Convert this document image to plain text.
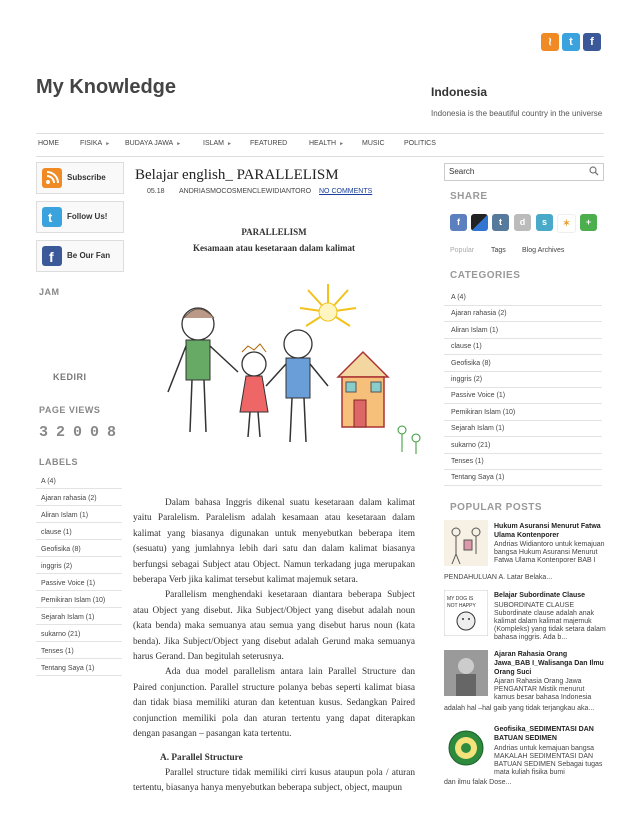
≀	t	f
My Knowledge	Indonesia
Indonesia is the beautiful country in the universe
HOME	FISIKA ► BUDAYA JAWA ►	ISLAM ►	FEATURED	HEALTH ►	MUSIC	POLITICS
Subscribe
t Follow Us!
f Be Our Fan
JAM
KEDIRI
PAGE VIEWS
32008
LABELS
A (4)
Ajaran rahasia (2)
Aliran Islam (1)
clause (1)
Geofisika (8)
inggris (2)
Passive Voice (1)
Pemikiran Islam (10)
Sejarah Islam (1)
sukarno (21)
Tenses (1)
Tentang Saya (1)
Belajar english_ PARALLELISM
05.18 ANDRIASMOCOSMENCLEWIDIANTORO NO COMMENTS
PARALLELISM
Kesamaan atau kesetaraan dalam kalimat

Dalam bahasa Inggris dikenal suatu kesetaraan dalam kalimat yaitu Paralelism. Paralelism adalah kesamaan atau kesetaraan dalam kalimat yang biasanya digunakan untuk menyebutkan beberapa item (sesuatu) yang jumlahnya lebih dari satu dan dalam kalimat biasanya berfungsi sebagai Subject atau Object. Namun terkadang juga merupakan beberapa Verb jika kalimat tersebut kalimat majemuk setara.

Parallelism menghendaki kesetaraan diantara beberapa Subject atau Object yang disebut. Jika Subject/Object yang disebut adalah noun (kata benda) maka semuanya atau semua yang disebut harus noun (kata benda). Jika Subject/Object yang disebut adalah Gerund maka semuanya harus Gerand. Dan begitulah seterusnya.

Ada dua model parallelism antara lain Parallel Structure dan Paired conjunction. Parallel structure polanya bebas seperti kalimat biasa dan tidak biasa memiliki aturan dan ketentuan kusus. Sedangkan Paired conjunction memiliki pola dan aturan tertentu yang dapat diterapkan dengan pasangan – pasangan kata tertentu.

A. Parallel Structure

Parallel structure tidak memiliki cirri kusus ataupun pola / aturan tertentu, biasanya hanya menyebutkan beberapa subject, object, maupun

Search
SHARE
f	t	d	s	✶	+
Popular Tags Blog Archives
CATEGORIES
A (4)
Ajaran rahasia (2)
Aliran Islam (1)
clause (1)
Geofisika (8)
inggris (2)
Passive Voice (1)
Pemikiran Islam (10)
Sejarah Islam (1)
sukarno (21)
Tenses (1)
Tentang Saya (1)
POPULAR POSTS
Hukum Asuransi Menurut Fatwa Ulama Kontenporer
Andrias Widiantoro untuk kemajuan bangsa Hukum Asuransi Menurut Fatwa Ulama Kontenporer BAB I
PENDAHULUAN A. Latar Belaka...
MY DOG IS
NOT HAPPY
Belajar Subordinate Clause
SUBORDINATE CLAUSE Subordinate clause adalah anak kalimat dalam kalimat majemuk (Kompleks) yang tidak setara dalam bahasa inggris. Ada b...
Ajaran Rahasia Orang Jawa_BAB I_Walisanga Dan Ilmu Orang Suci
Ajaran Rahasia Orang Jawa PENGANTAR Mistik menurut kamus besar bahasa Indonesia
adalah hal –hal gaib yang tidak terjangkau aka...
Geofisika_SEDIMENTASI DAN BATUAN SEDIMEN
Andrias untuk kemajuan bangsa MAKALAH SEDIMENTASI DAN BATUAN SEDIMEN Sebagai tugas mata kuliah fisika bumi
dan ilmu falak Dose...
